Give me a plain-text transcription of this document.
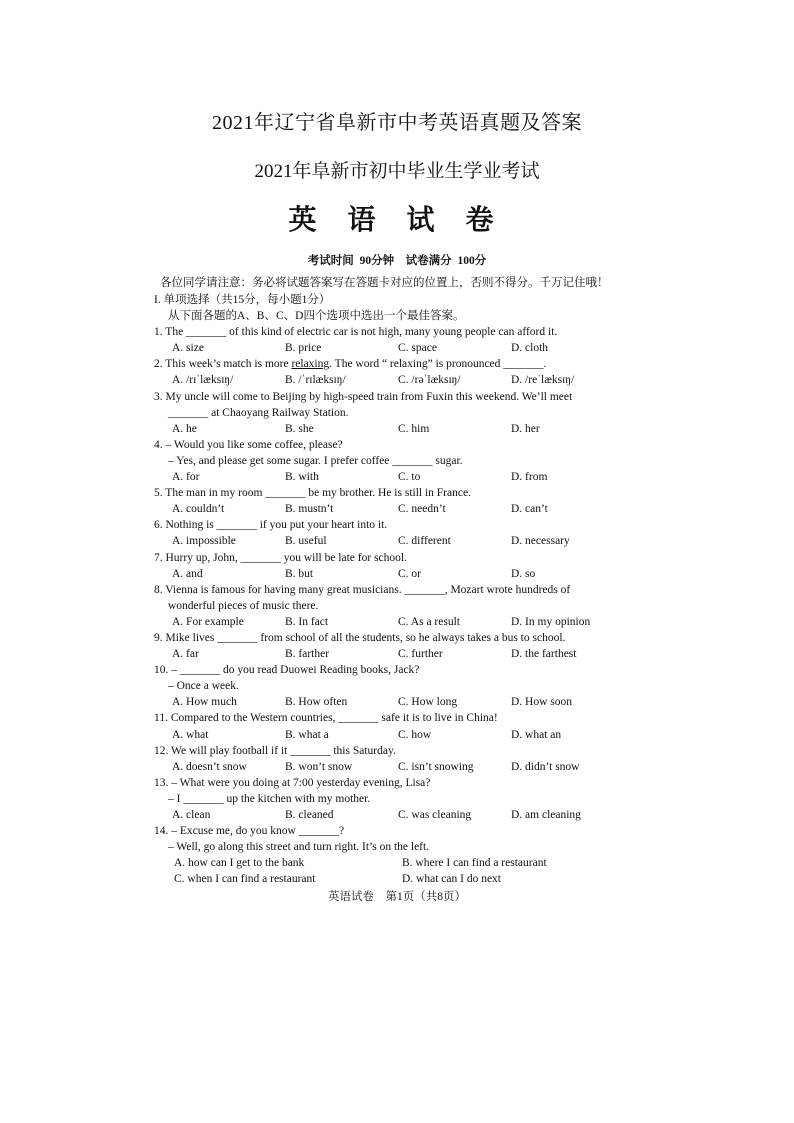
2021年辽宁省阜新市中考英语真题及答案
2021年阜新市初中毕业生学业考试
英 语 试 卷
考试时间 90分钟　试卷满分 100分
各位同学请注意：务必将试题答案写在答题卡对应的位置上，否则不得分。千万记住哦！
I. 单项选择（共15分，每小题1分）
从下面各题的A、B、C、D四个选项中选出一个最佳答案。
1. The _______ of this kind of electric car is not high, many young people can afford it.
A. size	B. price	C. space	D. cloth
2. This week’s match is more relaxing. The word “ relaxing” is pronounced _______.
A. /rɪˈlæksɪŋ/	B. /ˈrɪlæksɪŋ/	C. /rəˈlæksɪŋ/	D. /reˈlæksɪŋ/
3. My uncle will come to Beijing by high-speed train from Fuxin this weekend. We’ll meet
_______ at Chaoyang Railway Station.
A. he	B. she	C. him	D. her
4. – Would you like some coffee, please?
– Yes, and please get some sugar. I prefer coffee _______ sugar.
A. for	B. with	C. to	D. from
5. The man in my room _______ be my brother. He is still in France.
A. couldn’t	B. mustn’t	C. needn’t	D. can’t
6. Nothing is _______ if you put your heart into it.
A. impossible	B. useful	C. different	D. necessary
7. Hurry up, John, _______ you will be late for school.
A. and	B. but	C. or	D. so
8. Vienna is famous for having many great musicians. _______, Mozart wrote hundreds of
wonderful pieces of music there.
A. For example	B. In fact	C. As a result	D. In my opinion
9. Mike lives _______ from school of all the students, so he always takes a bus to school.
A. far	B. farther	C. further	D. the farthest
10. – _______ do you read Duowei Reading books, Jack?
– Once a week.
A. How much	B. How often	C. How long	D. How soon
11. Compared to the Western countries, _______ safe it is to live in China!
A. what	B. what a	C. how	D. what an
12. We will play football if it _______ this Saturday.
A. doesn’t snow	B. won’t snow	C. isn’t snowing	D. didn’t snow
13. – What were you doing at 7:00 yesterday evening, Lisa?
– I _______ up the kitchen with my mother.
A. clean	B. cleaned	C. was cleaning	D. am cleaning
14. – Excuse me, do you know _______?
– Well, go along this street and turn right. It’s on the left.
A. how can I get to the bank	B. where I can find a restaurant
C. when I can find a restaurant	D. what can I do next
英语试卷　第1页（共8页）
